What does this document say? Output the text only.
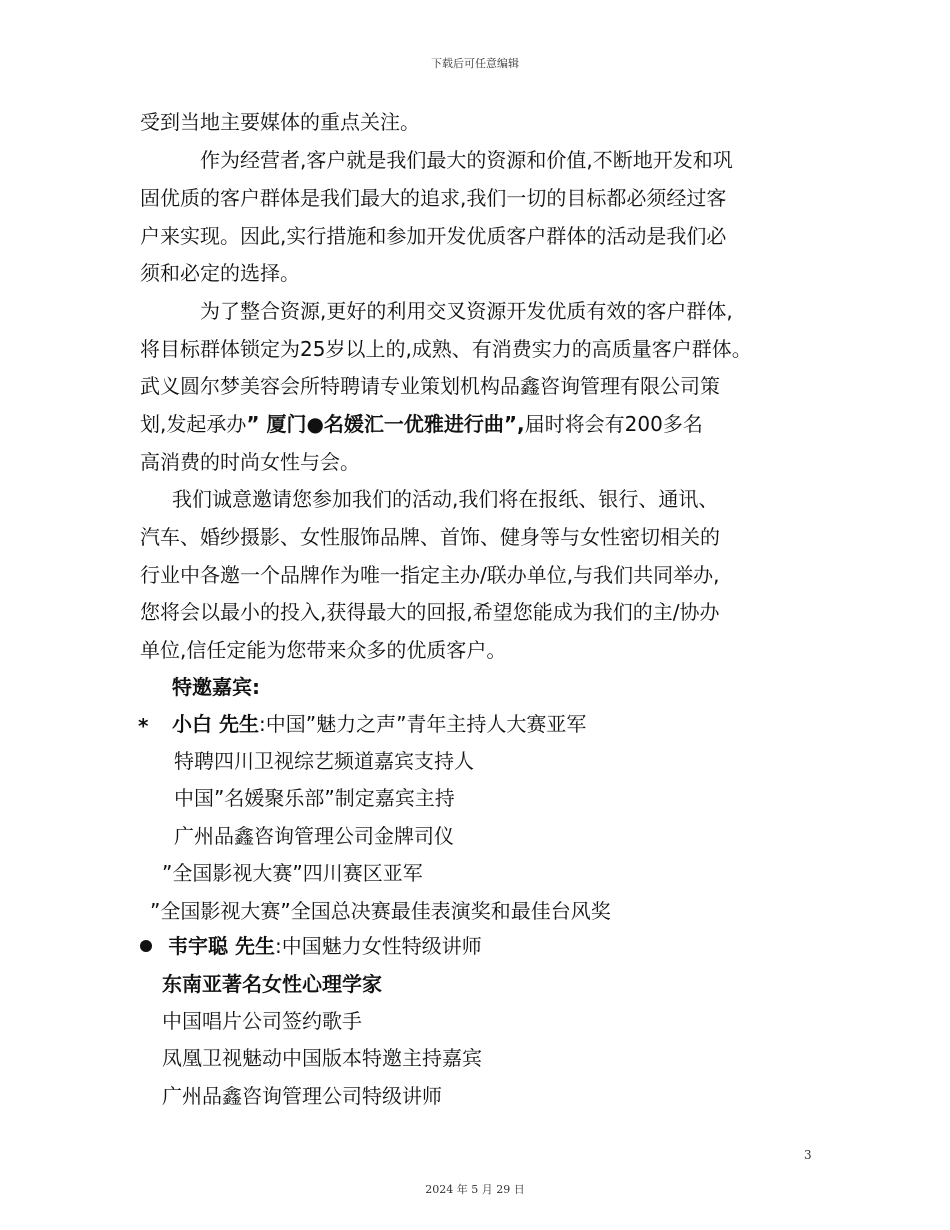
下载后可任意编辑
受到当地主要媒体的重点关注。
作为经营者,客户就是我们最大的资源和价值,不断地开发和巩
固优质的客户群体是我们最大的追求,我们一切的目标都必须经过客
户来实现。因此,实行措施和参加开发优质客户群体的活动是我们必
须和必定的选择。
为了整合资源,更好的利用交叉资源开发优质有效的客户群体,
将目标群体锁定为25岁以上的,成熟、有消费实力的高质量客户群体。
武义圆尔梦美容会所特聘请专业策划机构品鑫咨询管理有限公司策
划,发起承办” 厦门●名媛汇一优雅进行曲”,届时将会有200多名
高消费的时尚女性与会。
我们诚意邀请您参加我们的活动,我们将在报纸、银行、通讯、
汽车、婚纱摄影、女性服饰品牌、首饰、健身等与女性密切相关的
行业中各邀一个品牌作为唯一指定主办/联办单位,与我们共同举办,
您将会以最小的投入,获得最大的回报,希望您能成为我们的主/协办
单位,信任定能为您带来众多的优质客户。
特邀嘉宾:
* 小白 先生:中国”魅力之声”青年主持人大赛亚军
特聘四川卫视综艺频道嘉宾支持人
中国”名媛聚乐部”制定嘉宾主持
广州品鑫咨询管理公司金牌司仪
”全国影视大赛”四川赛区亚军
”全国影视大赛”全国总决赛最佳表演奖和最佳台风奖
韦宇聪 先生:中国魅力女性特级讲师
东南亚著名女性心理学家
中国唱片公司签约歌手
凤凰卫视魅动中国版本特邀主持嘉宾
广州品鑫咨询管理公司特级讲师
3
2024 年 5 月 29 日
